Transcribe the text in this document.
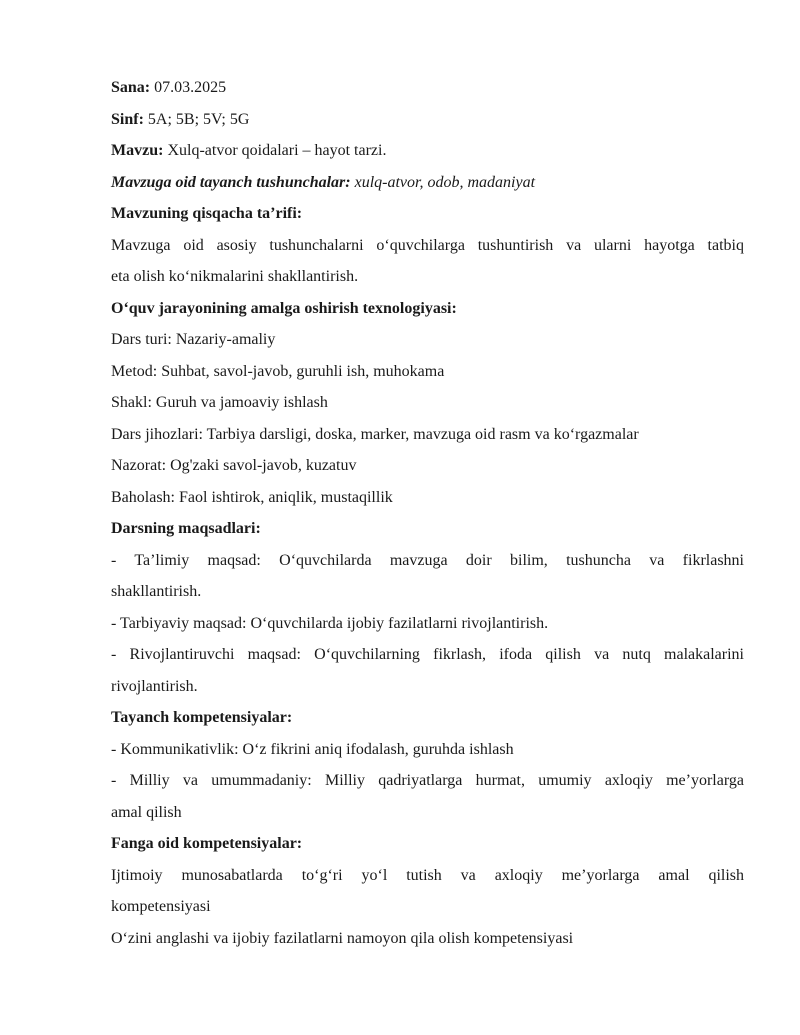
Sana: 07.03.2025
Sinf: 5A; 5B; 5V; 5G
Mavzu: Xulq-atvor qoidalari – hayot tarzi.
Mavzuga oid tayanch tushunchalar: xulq-atvor, odob, madaniyat
Mavzuning qisqacha ta’rifi:
Mavzuga oid asosiy tushunchalarni o‘quvchilarga tushuntirish va ularni hayotga tatbiq
eta olish ko‘nikmalarini shakllantirish.
O‘quv jarayonining amalga oshirish texnologiyasi:
Dars turi: Nazariy-amaliy
Metod: Suhbat, savol-javob, guruhli ish, muhokama
Shakl: Guruh va jamoaviy ishlash
Dars jihozlari: Tarbiya darsligi, doska, marker, mavzuga oid rasm va ko‘rgazmalar
Nazorat: Og'zaki savol-javob, kuzatuv
Baholash: Faol ishtirok, aniqlik, mustaqillik
Darsning maqsadlari:
- Ta’limiy maqsad: O‘quvchilarda mavzuga doir bilim, tushuncha va fikrlashni
shakllantirish.
- Tarbiyaviy maqsad: O‘quvchilarda ijobiy fazilatlarni rivojlantirish.
- Rivojlantiruvchi maqsad: O‘quvchilarning fikrlash, ifoda qilish va nutq malakalarini
rivojlantirish.
Tayanch kompetensiyalar:
- Kommunikativlik: O‘z fikrini aniq ifodalash, guruhda ishlash
- Milliy va umummadaniy: Milliy qadriyatlarga hurmat, umumiy axloqiy me’yorlarga
amal qilish
Fanga oid kompetensiyalar:
Ijtimoiy munosabatlarda to‘g‘ri yo‘l tutish va axloqiy me’yorlarga amal qilish
kompetensiyasi
O‘zini anglashi va ijobiy fazilatlarni namoyon qila olish kompetensiyasi
